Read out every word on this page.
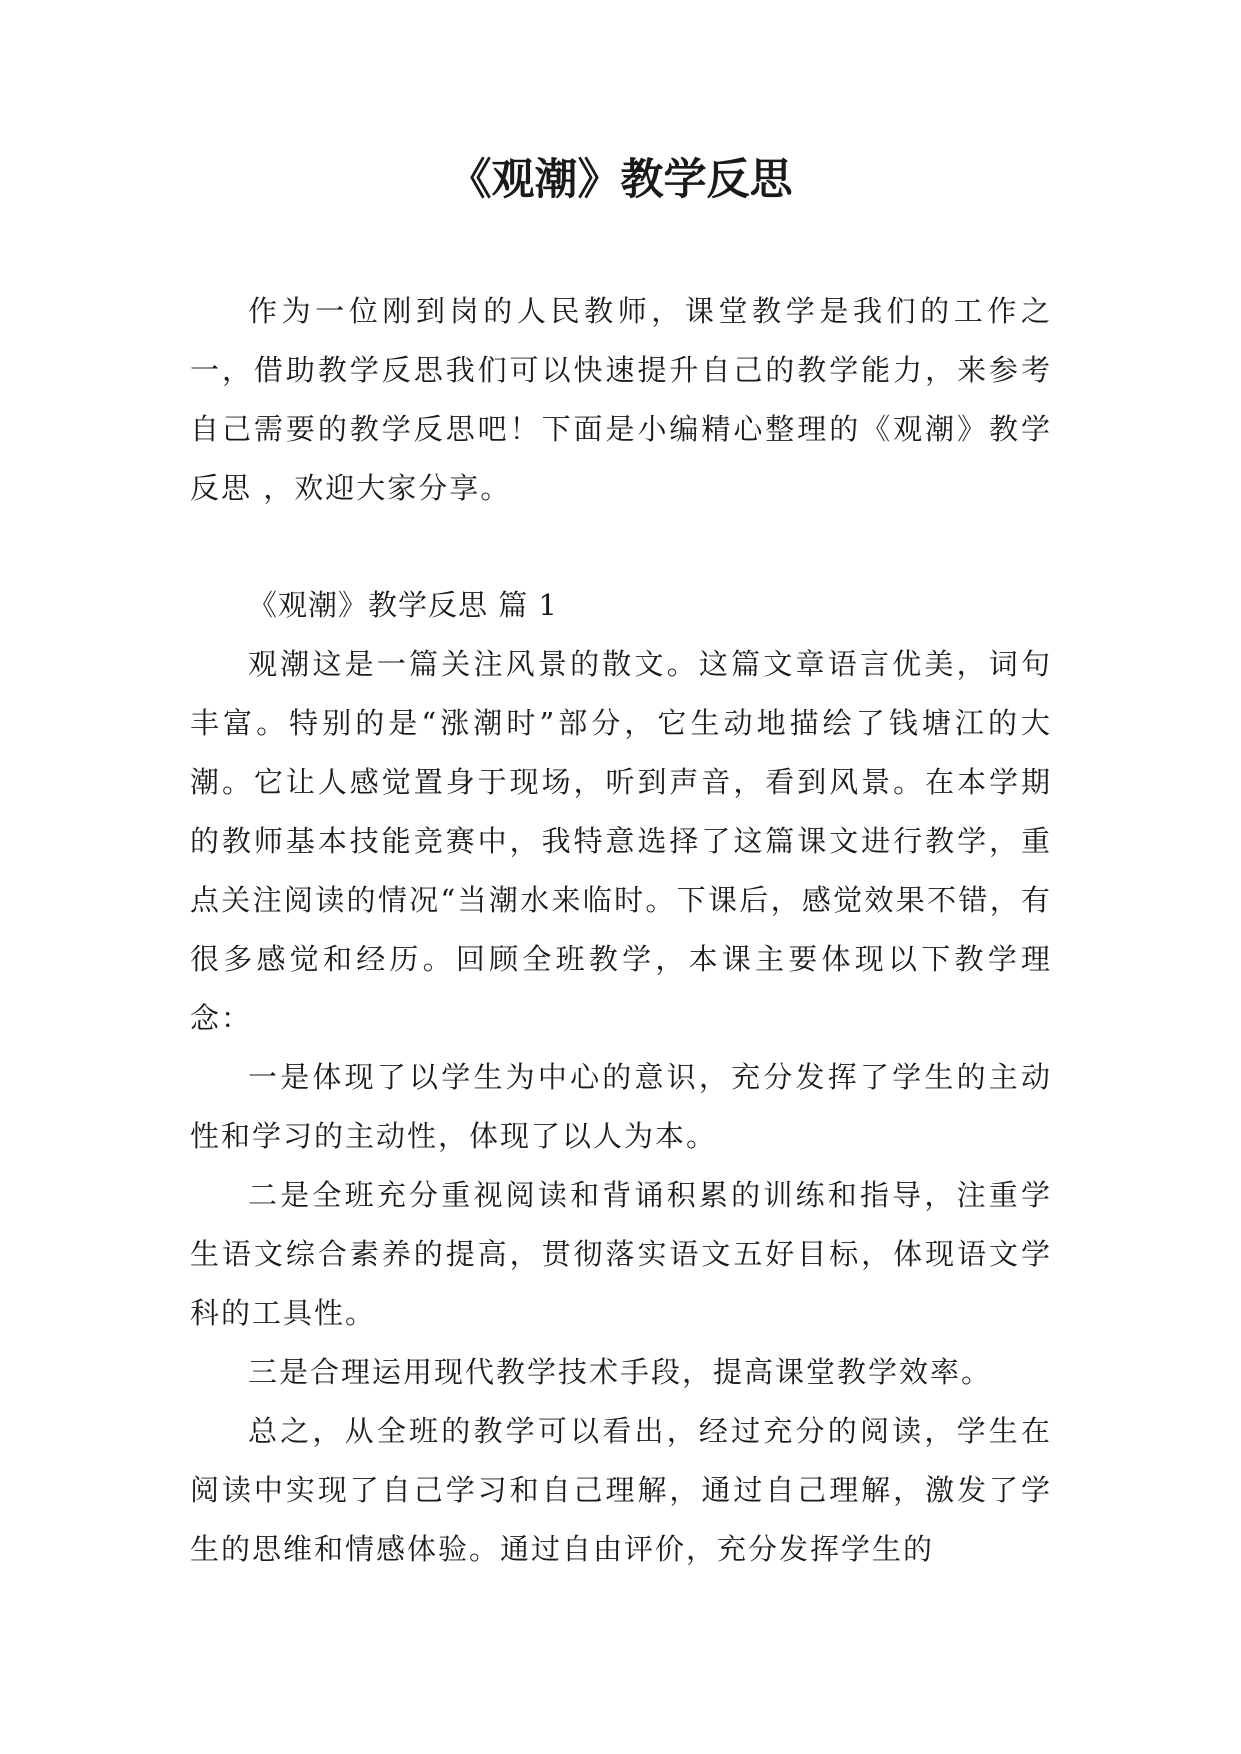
《观潮》教学反思

作为一位刚到岗的人民教师，课堂教学是我们的工作之一，借助教学反思我们可以快速提升自己的教学能力，来参考自己需要的教学反思吧！下面是小编精心整理的《观潮》教学反思 ，欢迎大家分享。

《观潮》教学反思 篇 1

观潮这是一篇关注风景的散文。这篇文章语言优美，词句丰富。特别的是“涨潮时”部分，它生动地描绘了钱塘江的大潮。它让人感觉置身于现场，听到声音，看到风景。在本学期的教师基本技能竞赛中，我特意选择了这篇课文进行教学，重点关注阅读的情况“当潮水来临时。下课后，感觉效果不错，有很多感觉和经历。回顾全班教学，本课主要体现以下教学理念：

一是体现了以学生为中心的意识，充分发挥了学生的主动性和学习的主动性，体现了以人为本。

二是全班充分重视阅读和背诵积累的训练和指导，注重学生语文综合素养的提高，贯彻落实语文五好目标，体现语文学科的工具性。

三是合理运用现代教学技术手段，提高课堂教学效率。

总之，从全班的教学可以看出，经过充分的阅读，学生在阅读中实现了自己学习和自己理解，通过自己理解，激发了学生的思维和情感体验。通过自由评价，充分发挥学生的
